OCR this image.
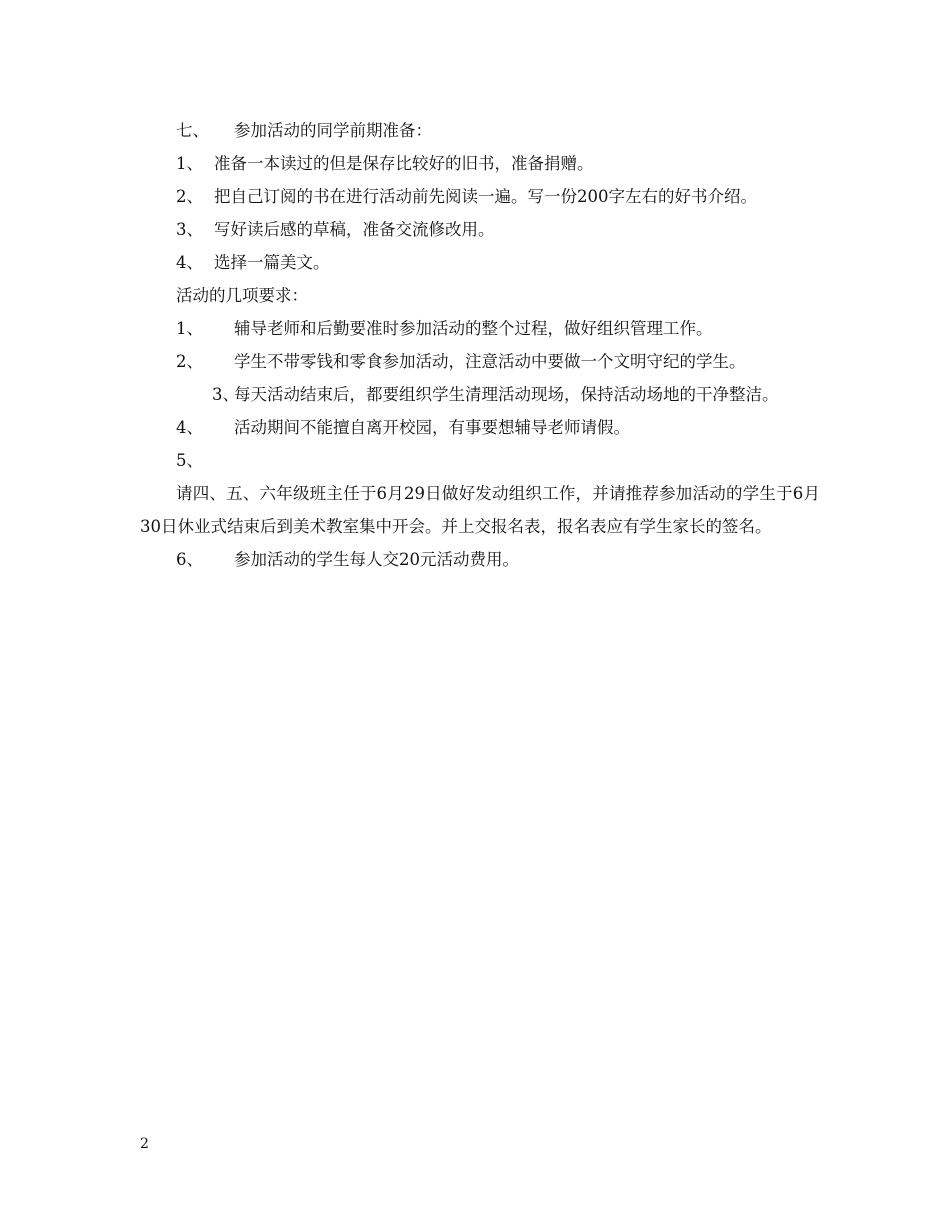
七、	参加活动的同学前期准备：
1、 准备一本读过的但是保存比较好的旧书，准备捐赠。
2、 把自己订阅的书在进行活动前先阅读一遍。写一份200字左右的好书介绍。
3、 写好读后感的草稿，准备交流修改用。
4、 选择一篇美文。
活动的几项要求：
1、	辅导老师和后勤要准时参加活动的整个过程，做好组织管理工作。
2、	学生不带零钱和零食参加活动，注意活动中要做一个文明守纪的学生。

3、每天活动结束后，都要组织学生清理活动现场，保持活动场地的干净整洁。

4、	活动期间不能擅自离开校园，有事要想辅导老师请假。
5、

请四、五、六年级班主任于6月29日做好发动组织工作，并请推荐参加活动的学生于6月30日休业式结束后到美术教室集中开会。并上交报名表，报名表应有学生家长的签名。

6、	参加活动的学生每人交20元活动费用。
2
